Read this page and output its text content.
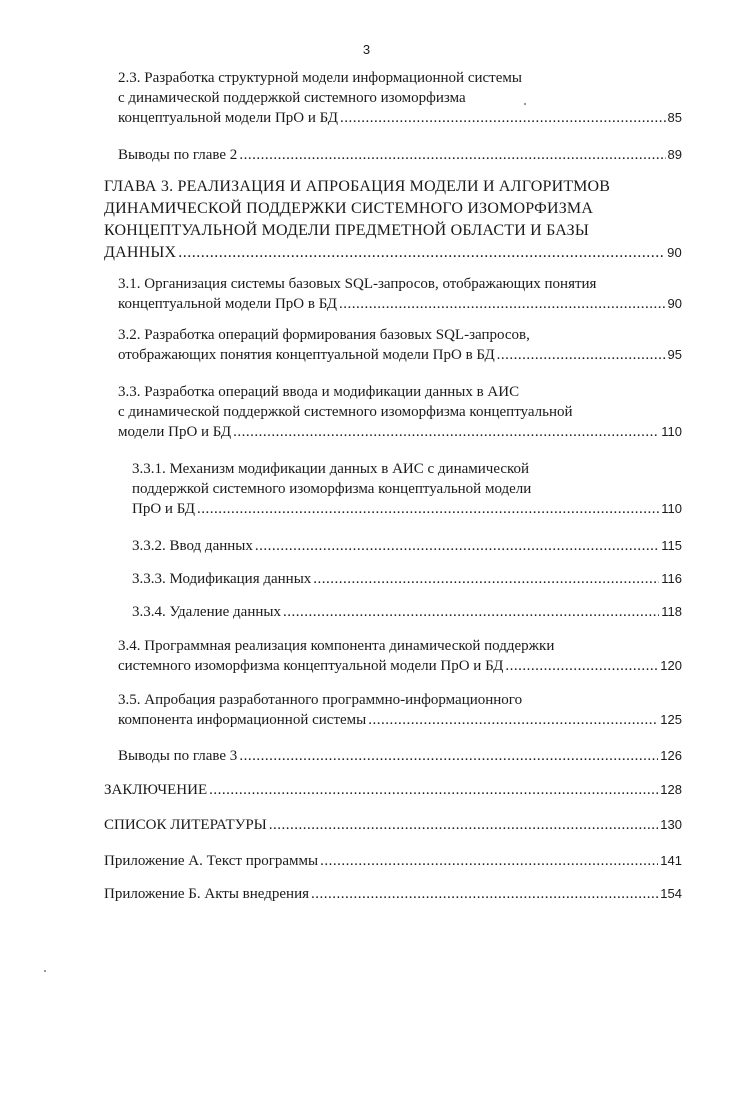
3
2.3. Разработка структурной модели информационной системы
с динамической поддержкой системного изоморфизма
концептуальной модели ПрО и БД .....	85
Выводы по главе 2 .....	89
ГЛАВА 3. РЕАЛИЗАЦИЯ И АПРОБАЦИЯ МОДЕЛИ И АЛГОРИТМОВ
ДИНАМИЧЕСКОЙ ПОДДЕРЖКИ СИСТЕМНОГО ИЗОМОРФИЗМА
КОНЦЕПТУАЛЬНОЙ МОДЕЛИ ПРЕДМЕТНОЙ ОБЛАСТИ И БАЗЫ
ДАННЫХ .....	90
3.1. Организация системы базовых SQL-запросов, отображающих понятия
концептуальной модели ПрО в БД .....	90
3.2. Разработка операций формирования базовых SQL-запросов,
отображающих понятия концептуальной модели ПрО в БД .....	95
3.3. Разработка операций ввода и модификации данных в АИС
с динамической поддержкой системного изоморфизма концептуальной
модели ПрО и БД .....	110
3.3.1. Механизм модификации данных в АИС с динамической
поддержкой системного изоморфизма концептуальной модели
ПрО и БД .....	110
3.3.2. Ввод данных .....	115
3.3.3. Модификация данных .....	116
3.3.4. Удаление данных .....	118
3.4. Программная реализация компонента динамической поддержки
системного изоморфизма концептуальной модели ПрО и БД .....	120
3.5. Апробация разработанного программно-информационного
компонента информационной системы .....	125
Выводы по главе 3 .....	126
ЗАКЛЮЧЕНИЕ .....	128
СПИСОК ЛИТЕРАТУРЫ .....	130
Приложение А. Текст программы .....	141
Приложение Б. Акты внедрения .....	154
